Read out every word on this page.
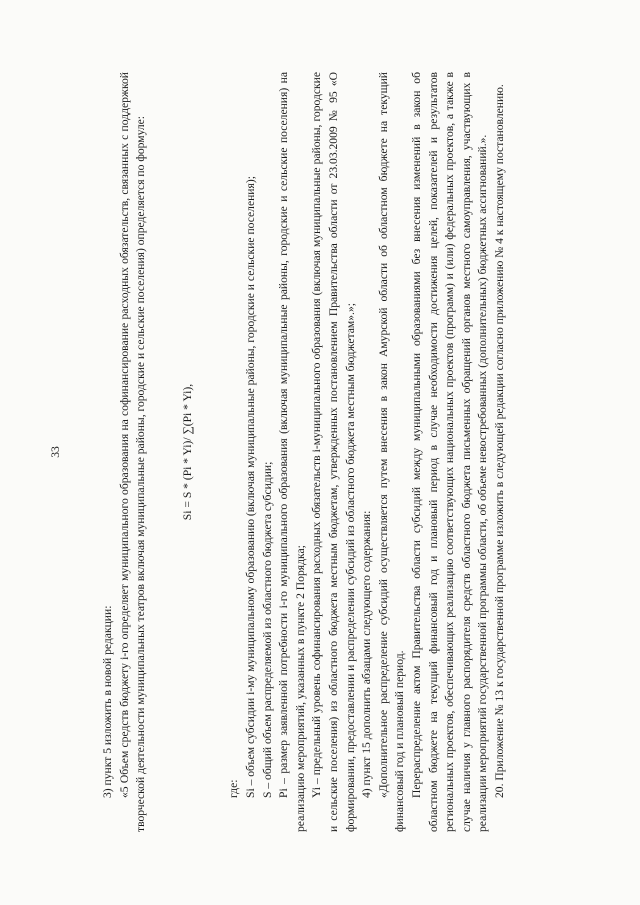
33

3) пункт 5 изложить в новой редакции: «5 Объем средств бюджету i-го определяет муниципального образования на софинансирование расходных обязательств, связанных с поддержкой творческой деятельности муниципальных театров включая муниципальные районы, городские и сельские поселения) определяется по формуле:	Si = S * (Pi * Yi)/ ∑(Pi * Yi),

где: Si – объем субсидии i-му муниципальному образованию (включая муниципальные районы, городские и сельские поселения); S – общий объем распределяемой из областного бюджета субсидии; Pi – размер заявленной потребности i-го муниципального образования (включая муниципальные районы, городские и сельские поселения) на реализацию мероприятий, указанных в пункте 2 Порядка; Yi – предельный уровень софинансирования расходных обязательств i-муниципального образования (включая муниципальные районы, городские и сельские поселения) из областного бюджета местным бюджетам, утвержденных постановлением Правительства области от 23.03.2009 № 95 «О формировании, предоставлении и распределении субсидий из областного бюджета местным бюджетам».»; 4) пункт 15 дополнить абзацами следующего содержания: «Дополнительное распределение субсидий осуществляется путем внесения в закон Амурской области об областном бюджете на текущий финансовый год и плановый период. Перераспределение актом Правительства области субсидий между муниципальными образованиями без внесения изменений в закон об областном бюджете на текущий финансовый год и плановый период в случае необходимости достижения целей, показателей и результатов региональных проектов, обеспечивающих реализацию соответствующих национальных проектов (программ) и (или) федеральных проектов, а также в случае наличия у главного распорядителя средств областного бюджета письменных обращений органов местного самоуправления, участвующих в реализации мероприятий государственной программы области, об объеме невостребованных (дополнительных) бюджетных ассигнований.». 20. Приложение № 13 к государственной программе изложить в следующей редакции согласно приложению № 4 к настоящему постановлению.
